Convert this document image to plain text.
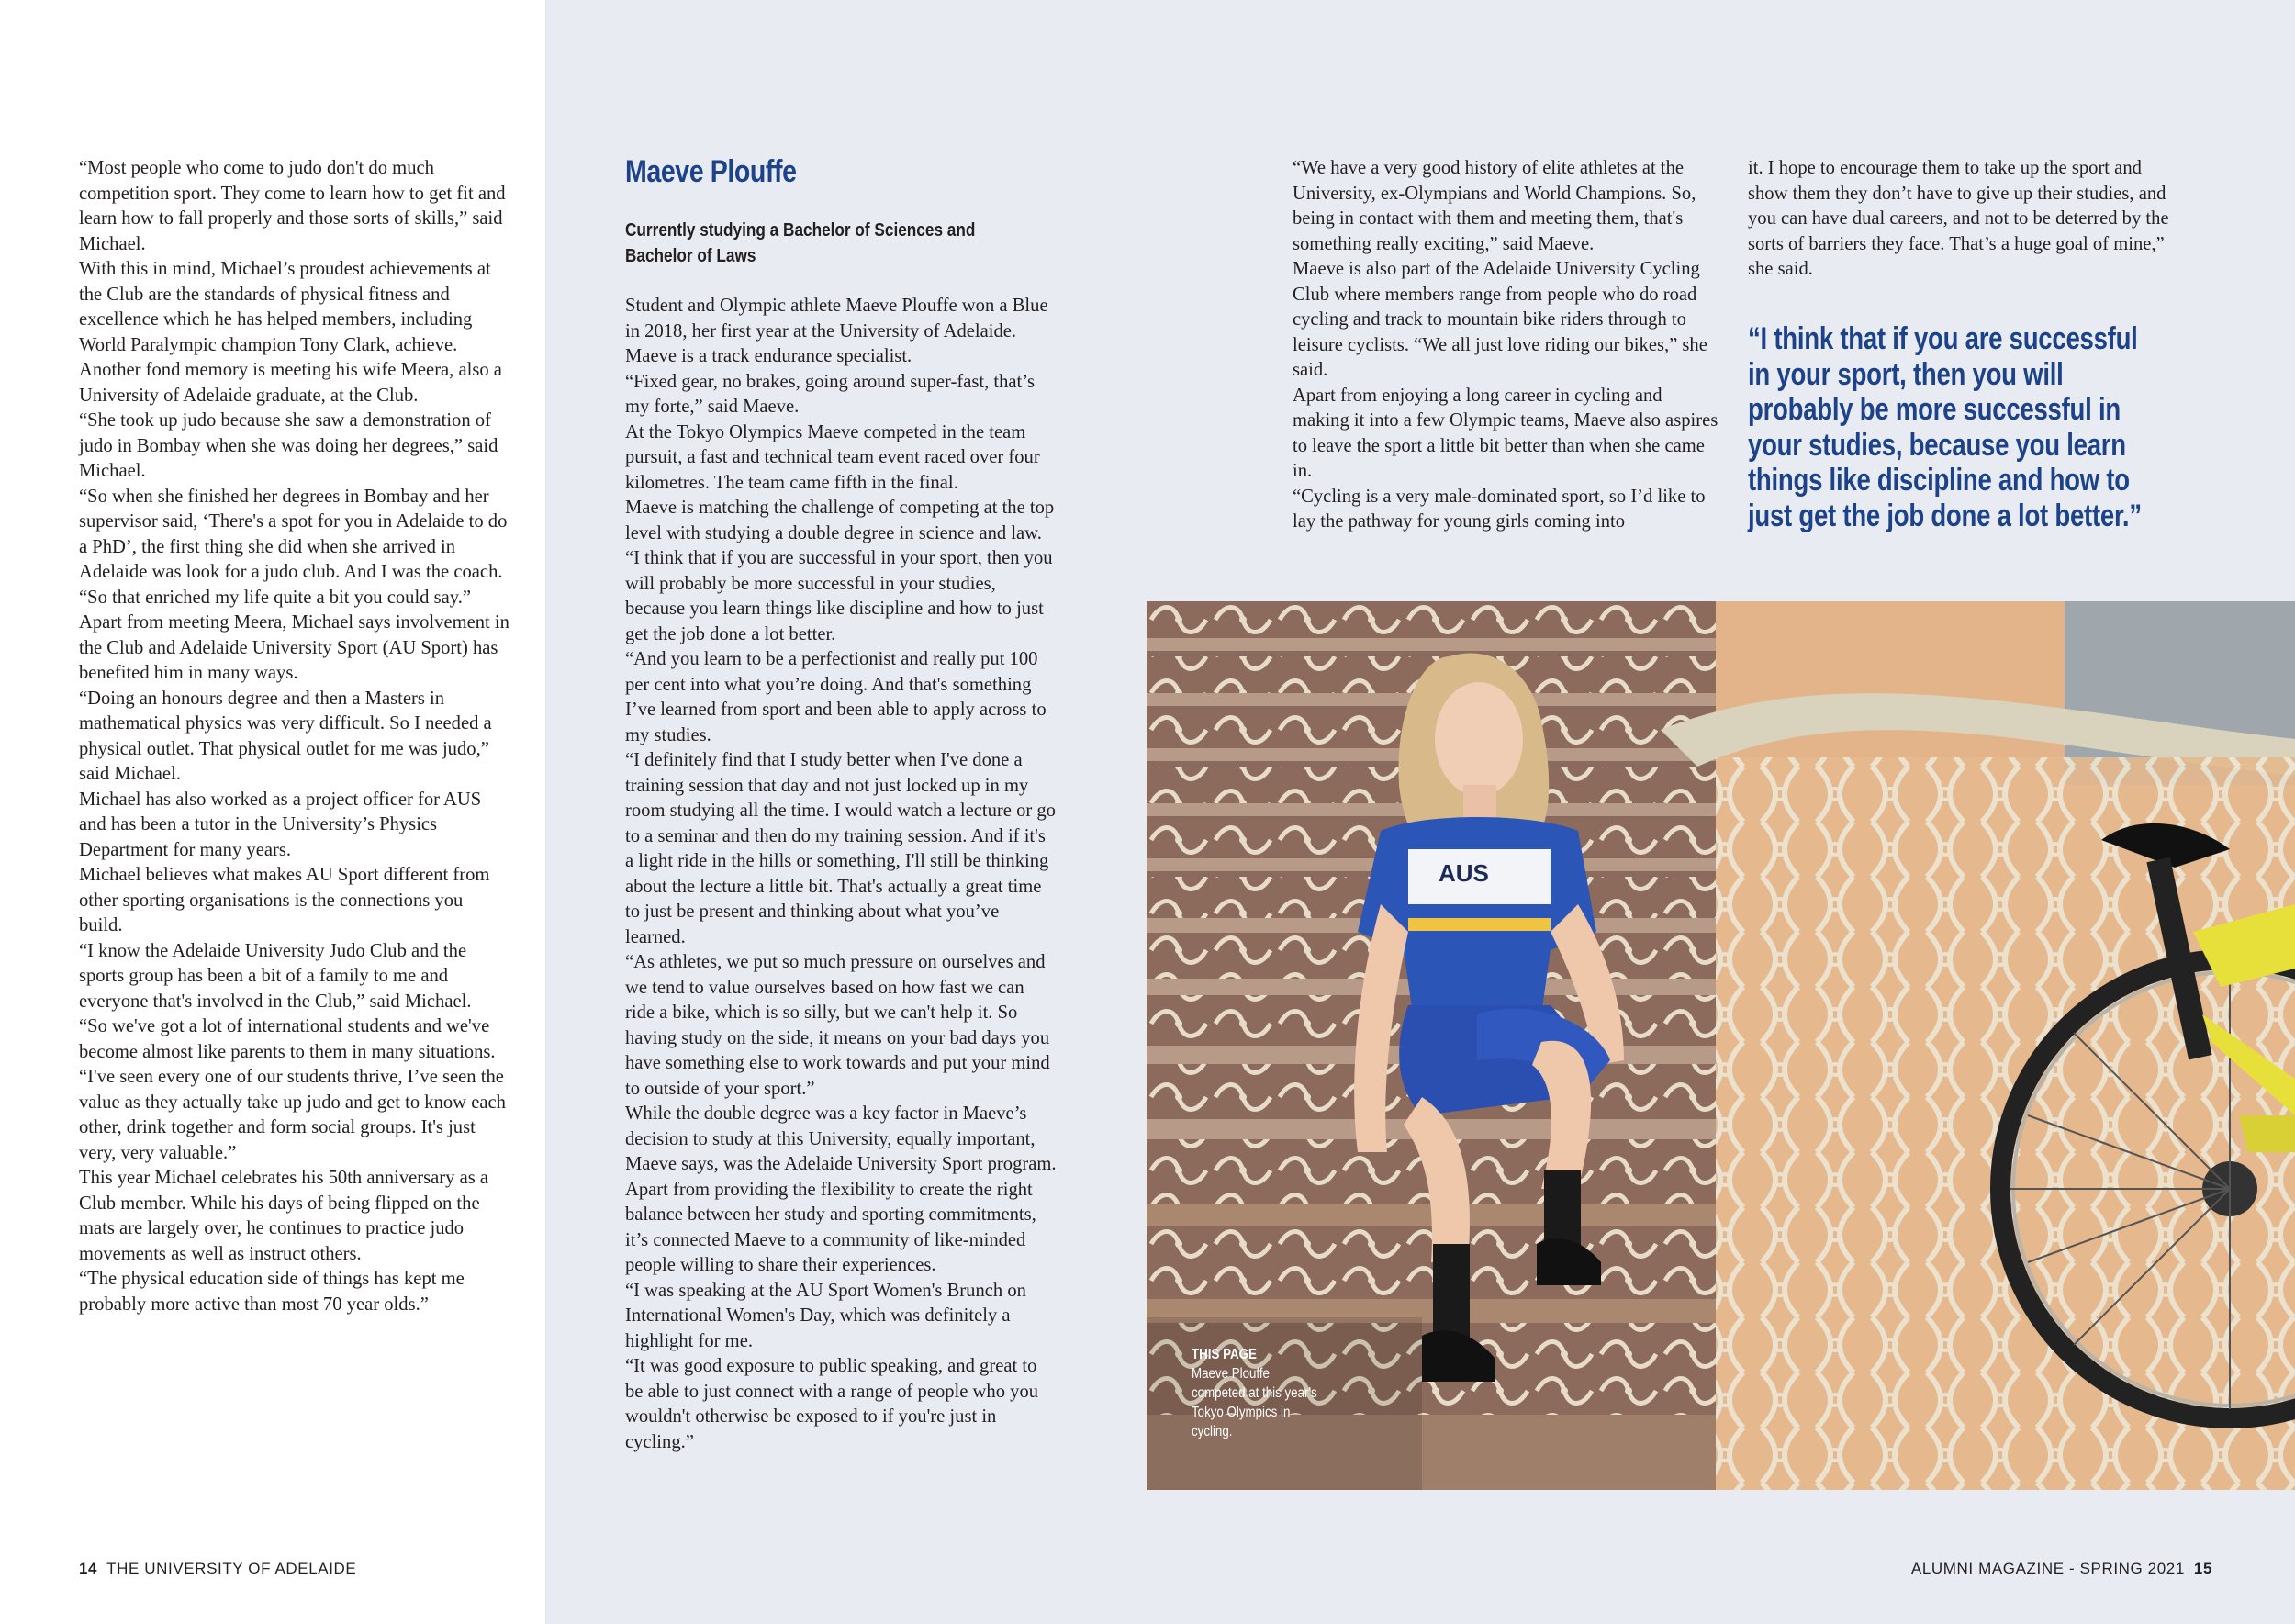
“Most people who come to judo don't do much competition sport. They come to learn how to get fit and learn how to fall properly and those sorts of skills,” said Michael.

With this in mind, Michael’s proudest achievements at the Club are the standards of physical fitness and excellence which he has helped members, including World Paralympic champion Tony Clark, achieve.

Another fond memory is meeting his wife Meera, also a University of Adelaide graduate, at the Club.

“She took up judo because she saw a demonstration of judo in Bombay when she was doing her degrees,” said Michael.

“So when she finished her degrees in Bombay and her supervisor said, ‘There's a spot for you in Adelaide to do a PhD’, the first thing she did when she arrived in Adelaide was look for a judo club. And I was the coach.

“So that enriched my life quite a bit you could say.”

Apart from meeting Meera, Michael says involvement in the Club and Adelaide University Sport (AU Sport) has benefited him in many ways.

“Doing an honours degree and then a Masters in mathematical physics was very difficult. So I needed a physical outlet. That physical outlet for me was judo,” said Michael.

Michael has also worked as a project officer for AUS and has been a tutor in the University’s Physics Department for many years.

Michael believes what makes AU Sport different from other sporting organisations is the connections you build.

“I know the Adelaide University Judo Club and the sports group has been a bit of a family to me and everyone that's involved in the Club,” said Michael.

“So we've got a lot of international students and we've become almost like parents to them in many situations.

“I've seen every one of our students thrive, I’ve seen the value as they actually take up judo and get to know each other, drink together and form social groups. It's just very, very valuable.”

This year Michael celebrates his 50th anniversary as a Club member. While his days of being flipped on the mats are largely over, he continues to practice judo movements as well as instruct others.

“The physical education side of things has kept me probably more active than most 70 year olds.”

14 THE UNIVERSITY OF ADELAIDE
Maeve Plouffe
Currently studying a Bachelor of Sciences and Bachelor of Laws

Student and Olympic athlete Maeve Plouffe won a Blue in 2018, her first year at the University of Adelaide. Maeve is a track endurance specialist.

“Fixed gear, no brakes, going around super-fast, that’s my forte,” said Maeve.

At the Tokyo Olympics Maeve competed in the team pursuit, a fast and technical team event raced over four kilometres. The team came fifth in the final.

Maeve is matching the challenge of competing at the top level with studying a double degree in science and law.

“I think that if you are successful in your sport, then you will probably be more successful in your studies, because you learn things like discipline and how to just get the job done a lot better.

“And you learn to be a perfectionist and really put 100 per cent into what you’re doing. And that's something I’ve learned from sport and been able to apply across to my studies.

“I definitely find that I study better when I've done a training session that day and not just locked up in my room studying all the time. I would watch a lecture or go to a seminar and then do my training session. And if it's a light ride in the hills or something, I'll still be thinking about the lecture a little bit. That's actually a great time to just be present and thinking about what you’ve learned.

“As athletes, we put so much pressure on ourselves and we tend to value ourselves based on how fast we can ride a bike, which is so silly, but we can't help it. So having study on the side, it means on your bad days you have something else to work towards and put your mind to outside of your sport.”

While the double degree was a key factor in Maeve’s decision to study at this University, equally important, Maeve says, was the Adelaide University Sport program. Apart from providing the flexibility to create the right balance between her study and sporting commitments, it’s connected Maeve to a community of like-minded people willing to share their experiences.

“I was speaking at the AU Sport Women's Brunch on International Women's Day, which was definitely a highlight for me.

“It was good exposure to public speaking, and great to be able to just connect with a range of people who you wouldn't otherwise be exposed to if you're just in cycling.”

“We have a very good history of elite athletes at the University, ex-Olympians and World Champions. So, being in contact with them and meeting them, that's something really exciting,” said Maeve.

Maeve is also part of the Adelaide University Cycling Club where members range from people who do road cycling and track to mountain bike riders through to leisure cyclists. “We all just love riding our bikes,” she said.

Apart from enjoying a long career in cycling and making it into a few Olympic teams, Maeve also aspires to leave the sport a little bit better than when she came in.

“Cycling is a very male-dominated sport, so I’d like to lay the pathway for young girls coming into

it. I hope to encourage them to take up the sport and show them they don’t have to give up their studies, and you can have dual careers, and not to be deterred by the sorts of barriers they face. That’s a huge goal of mine,” she said.

“I think that if you are successful in your sport, then you will probably be more successful in your studies, because you learn things like discipline and how to just get the job done a lot better.”
AUS
THIS PAGE
Maeve Plouffe competed at this year's Tokyo Olympics in cycling.
ALUMNI MAGAZINE - SPRING 2021 15
